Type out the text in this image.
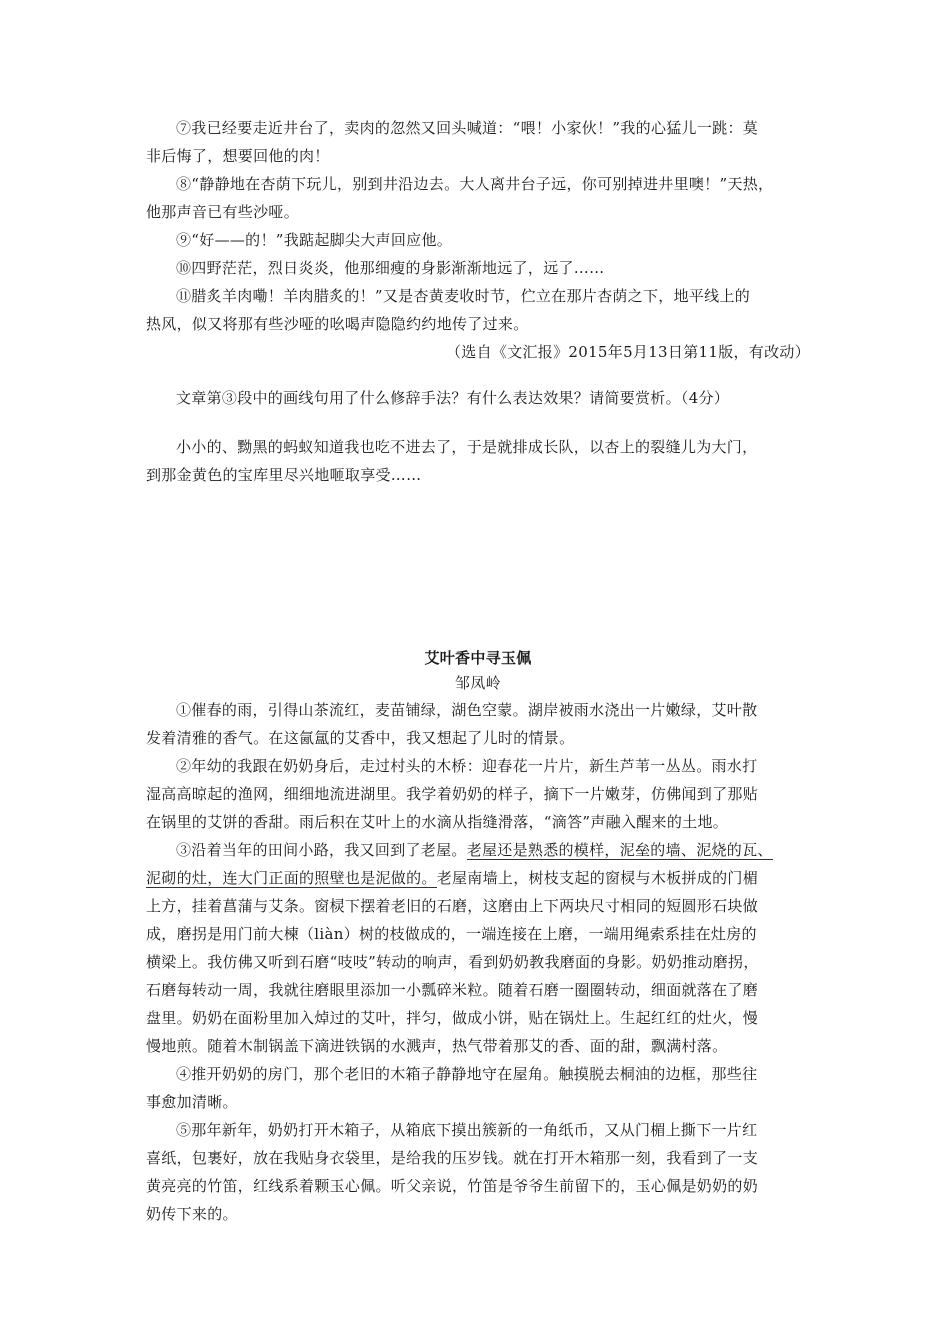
⑦我已经要走近井台了，卖肉的忽然又回头喊道：“喂！小家伙！”我的心猛儿一跳：莫
非后悔了，想要回他的肉！
⑧“静静地在杏荫下玩儿，别到井沿边去。大人离井台子远，你可别掉进井里噢！”天热，
他那声音已有些沙哑。
⑨“好——的！”我踮起脚尖大声回应他。
⑩四野茫茫，烈日炎炎，他那细瘦的身影渐渐地远了，远了……
⑪腊炙羊肉嘞！羊肉腊炙的！”又是杏黄麦收时节，伫立在那片杏荫之下，地平线上的
热风，似又将那有些沙哑的吆喝声隐隐约约地传了过来。
（选自《文汇报》2015年5月13日第11版，有改动）
文章第③段中的画线句用了什么修辞手法？有什么表达效果？请简要赏析。（4分）
小小的、黝黑的蚂蚁知道我也吃不进去了，于是就排成长队，以杏上的裂缝儿为大门，
到那金黄色的宝库里尽兴地咂取享受……
艾叶香中寻玉佩
邹凤岭
①催春的雨，引得山茶流红，麦苗铺绿，湖色空蒙。湖岸被雨水浇出一片嫩绿，艾叶散
发着清雅的香气。在这氤氲的艾香中，我又想起了儿时的情景。
②年幼的我跟在奶奶身后，走过村头的木桥：迎春花一片片，新生芦苇一丛丛。雨水打
湿高高晾起的渔网，细细地流进湖里。我学着奶奶的样子，摘下一片嫩芽，仿佛闻到了那贴
在锅里的艾饼的香甜。雨后积在艾叶上的水滴从指缝滑落，“滴答”声融入醒来的土地。
③沿着当年的田间小路，我又回到了老屋。老屋还是熟悉的模样，泥垒的墙、泥烧的瓦、
泥砌的灶，连大门正面的照壁也是泥做的。老屋南墙上，树枝支起的窗棂与木板拼成的门楣
上方，挂着菖蒲与艾条。窗棂下摆着老旧的石磨，这磨由上下两块尺寸相同的短圆形石块做
成，磨拐是用门前大楝（liàn）树的枝做成的，一端连接在上磨，一端用绳索系挂在灶房的
横梁上。我仿佛又听到石磨“吱吱”转动的响声，看到奶奶教我磨面的身影。奶奶推动磨拐，
石磨每转动一周，我就往磨眼里添加一小瓢碎米粒。随着石磨一圈圈转动，细面就落在了磨
盘里。奶奶在面粉里加入焯过的艾叶，拌匀，做成小饼，贴在锅灶上。生起红红的灶火，慢
慢地煎。随着木制锅盖下滴进铁锅的水溅声，热气带着那艾的香、面的甜，飘满村落。
④推开奶奶的房门，那个老旧的木箱子静静地守在屋角。触摸脱去桐油的边框，那些往
事愈加清晰。
⑤那年新年，奶奶打开木箱子，从箱底下摸出簇新的一角纸币，又从门楣上撕下一片红
喜纸，包裹好，放在我贴身衣袋里，是给我的压岁钱。就在打开木箱那一刻，我看到了一支
黄亮亮的竹笛，红线系着颗玉心佩。听父亲说，竹笛是爷爷生前留下的，玉心佩是奶奶的奶
奶传下来的。
